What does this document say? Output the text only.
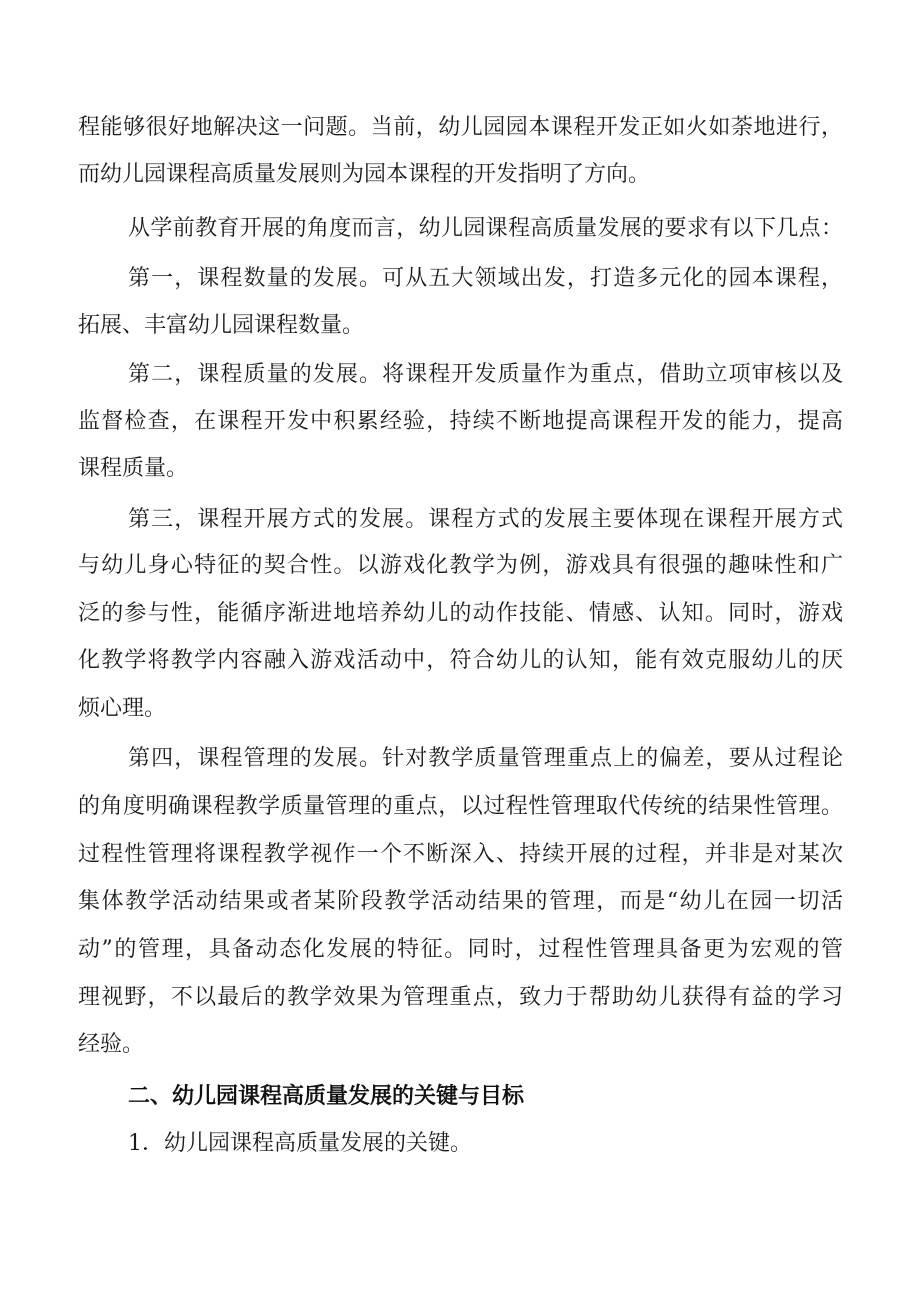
程能够很好地解决这一问题。当前，幼儿园园本课程开发正如火如荼地进行，
而幼儿园课程高质量发展则为园本课程的开发指明了方向。
从学前教育开展的角度而言，幼儿园课程高质量发展的要求有以下几点：
第一，课程数量的发展。可从五大领域出发，打造多元化的园本课程，
拓展、丰富幼儿园课程数量。
第二，课程质量的发展。将课程开发质量作为重点，借助立项审核以及
监督检查，在课程开发中积累经验，持续不断地提高课程开发的能力，提高
课程质量。
第三，课程开展方式的发展。课程方式的发展主要体现在课程开展方式
与幼儿身心特征的契合性。以游戏化教学为例，游戏具有很强的趣味性和广
泛的参与性，能循序渐进地培养幼儿的动作技能、情感、认知。同时，游戏
化教学将教学内容融入游戏活动中，符合幼儿的认知，能有效克服幼儿的厌
烦心理。
第四，课程管理的发展。针对教学质量管理重点上的偏差，要从过程论
的角度明确课程教学质量管理的重点，以过程性管理取代传统的结果性管理。
过程性管理将课程教学视作一个不断深入、持续开展的过程，并非是对某次
集体教学活动结果或者某阶段教学活动结果的管理，而是“幼儿在园一切活
动”的管理，具备动态化发展的特征。同时，过程性管理具备更为宏观的管
理视野，不以最后的教学效果为管理重点，致力于帮助幼儿获得有益的学习
经验。
二、幼儿园课程高质量发展的关键与目标
1．幼儿园课程高质量发展的关键。
